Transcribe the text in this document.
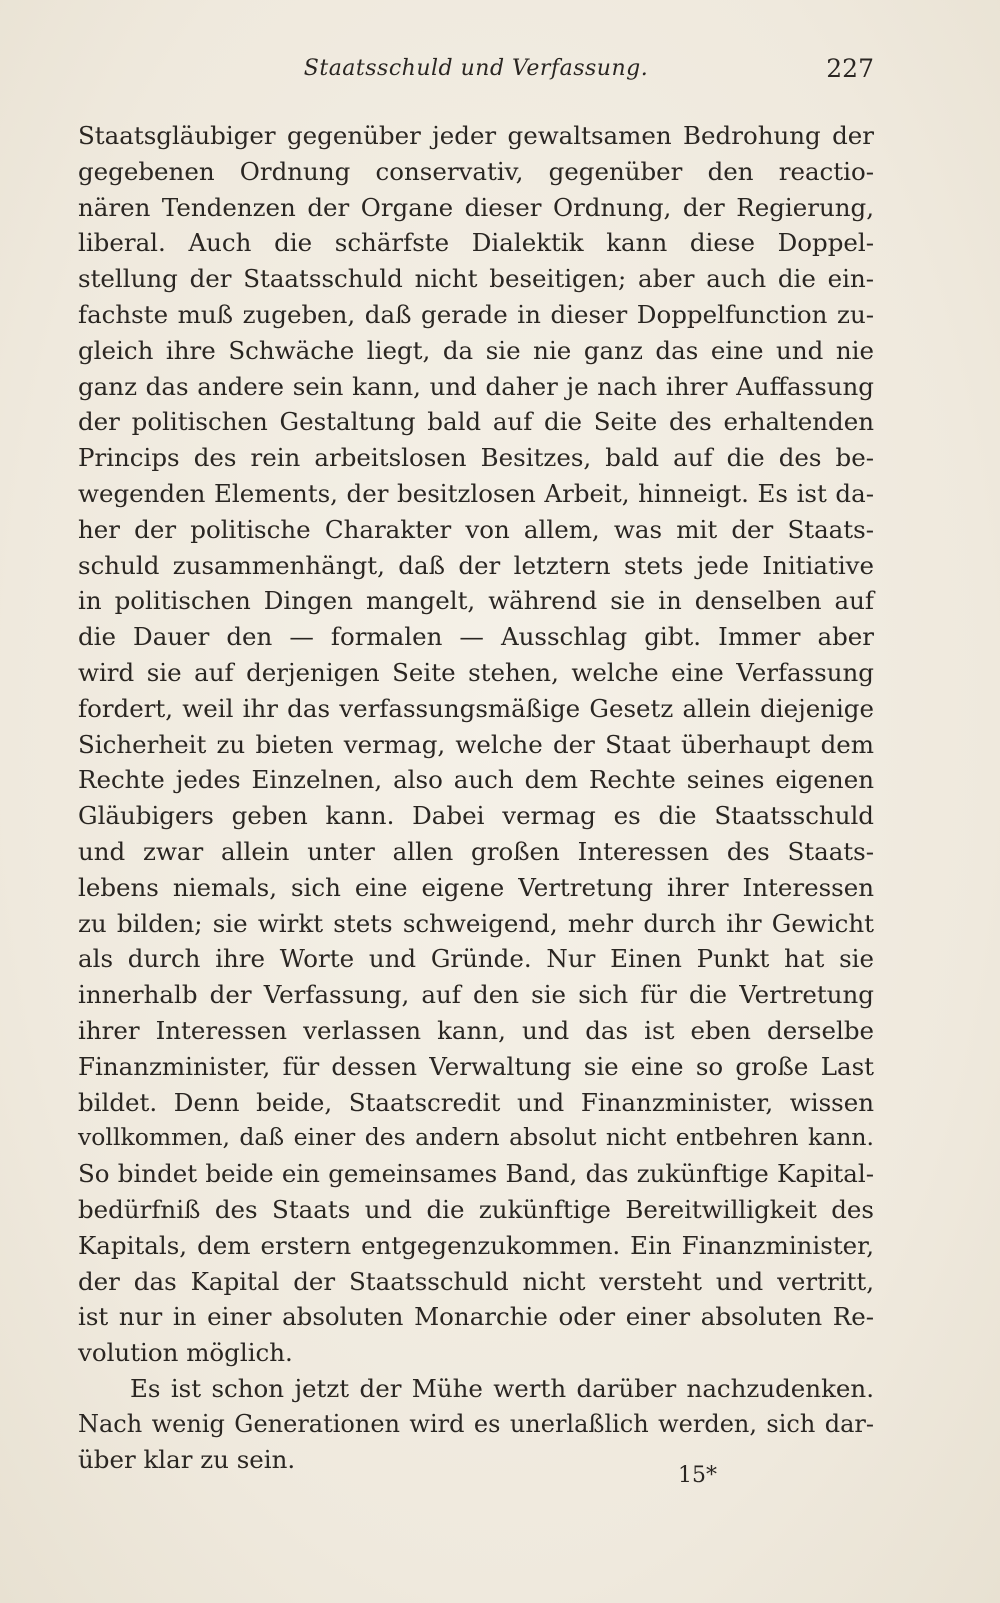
Staatsschuld und Verfassung.	227
Staatsgläubiger gegenüber jeder gewaltsamen Bedrohung der
gegebenen Ordnung conservativ, gegenüber den reactio-
nären Tendenzen der Organe dieser Ordnung, der Regierung,
liberal. Auch die schärfste Dialektik kann diese Doppel-
stellung der Staatsschuld nicht beseitigen; aber auch die ein-
fachste muß zugeben, daß gerade in dieser Doppelfunction zu-
gleich ihre Schwäche liegt, da sie nie ganz das eine und nie
ganz das andere sein kann, und daher je nach ihrer Auffassung
der politischen Gestaltung bald auf die Seite des erhaltenden
Princips des rein arbeitslosen Besitzes, bald auf die des be-
wegenden Elements, der besitzlosen Arbeit, hinneigt. Es ist da-
her der politische Charakter von allem, was mit der Staats-
schuld zusammenhängt, daß der letztern stets jede Initiative
in politischen Dingen mangelt, während sie in denselben auf
die Dauer den — formalen — Ausschlag gibt. Immer aber
wird sie auf derjenigen Seite stehen, welche eine Verfassung
fordert, weil ihr das verfassungsmäßige Gesetz allein diejenige
Sicherheit zu bieten vermag, welche der Staat überhaupt dem
Rechte jedes Einzelnen, also auch dem Rechte seines eigenen
Gläubigers geben kann. Dabei vermag es die Staatsschuld
und zwar allein unter allen großen Interessen des Staats-
lebens niemals, sich eine eigene Vertretung ihrer Interessen
zu bilden; sie wirkt stets schweigend, mehr durch ihr Gewicht
als durch ihre Worte und Gründe. Nur Einen Punkt hat sie
innerhalb der Verfassung, auf den sie sich für die Vertretung
ihrer Interessen verlassen kann, und das ist eben derselbe
Finanzminister, für dessen Verwaltung sie eine so große Last
bildet. Denn beide, Staatscredit und Finanzminister, wissen
vollkommen, daß einer des andern absolut nicht entbehren kann.
So bindet beide ein gemeinsames Band, das zukünftige Kapital-
bedürfniß des Staats und die zukünftige Bereitwilligkeit des
Kapitals, dem erstern entgegenzukommen. Ein Finanzminister,
der das Kapital der Staatsschuld nicht versteht und vertritt,
ist nur in einer absoluten Monarchie oder einer absoluten Re-
volution möglich.
Es ist schon jetzt der Mühe werth darüber nachzudenken.
Nach wenig Generationen wird es unerlaßlich werden, sich dar-
über klar zu sein.
15*
